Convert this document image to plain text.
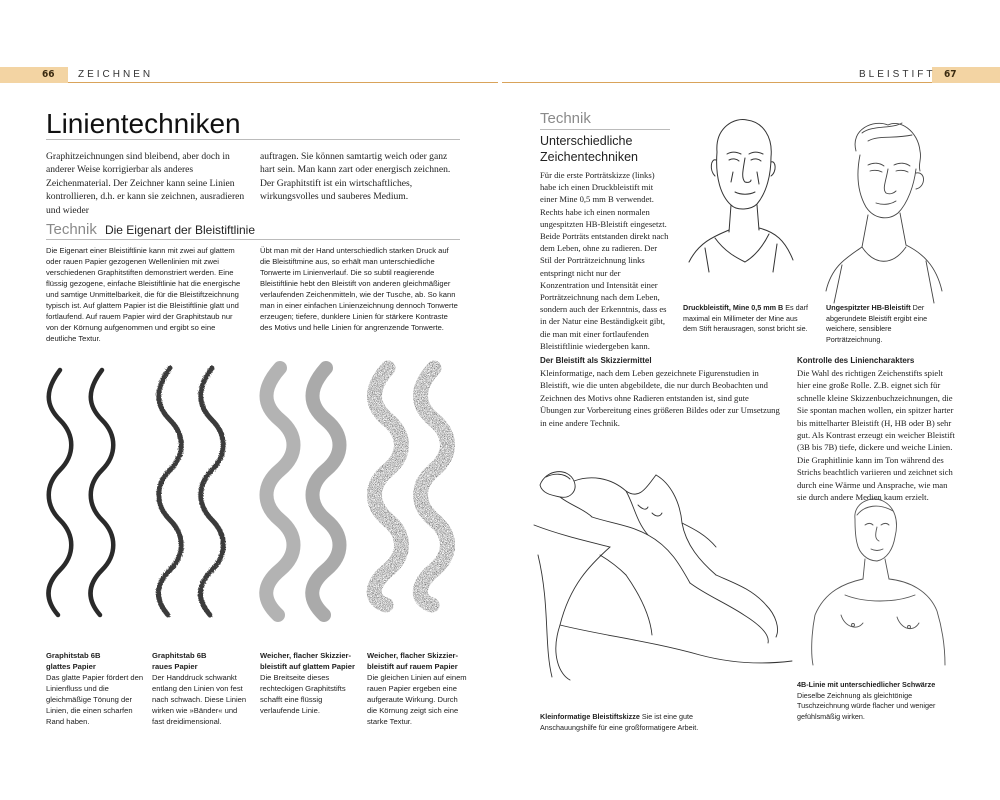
66 ZEICHNEN	67
BLEISTIFT
Linientechniken

Graphitzeichnungen sind bleibend, aber doch in anderer Weise korrigierbar als anderes Zeichenmaterial. Der Zeichner kann seine Linien kontrollieren, d.h. er kann sie zeichnen, ausradieren und wieder

auftragen. Sie können samtartig weich oder ganz hart sein. Man kann zart oder energisch zeichnen. Der Graphitstift ist ein wirtschaftliches, wirkungsvolles und sauberes Medium.

Technik Die Eigenart der Bleistiftlinie

Die Eigenart einer Bleistiftlinie kann mit zwei auf glattem oder rauen Papier gezogenen Wellenlinien mit zwei verschiedenen Graphitstiften demonstriert werden. Eine flüssig gezogene, einfache Bleistiftlinie hat die energische und samtige Unmittelbarkeit, die für die Bleistiftzeichnung typisch ist. Auf glattem Papier ist die Bleistiftlinie glatt und fortlaufend. Auf rauem Papier wird der Graphitstaub nur von der Körnung aufgenommen und ergibt so eine deutliche Textur.

Übt man mit der Hand unterschiedlich starken Druck auf die Bleistiftmine aus, so erhält man unterschiedliche Tonwerte im Linienverlauf. Die so subtil reagierende Bleistiftlinie hebt den Bleistift von anderen gleichmäßiger verlaufenden Zeichenmitteln, wie der Tusche, ab. So kann man in einer einfachen Linienzeichnung dennoch Tonwerte erzeugen; tiefere, dunklere Linien für stärkere Kontraste des Motivs und helle Linien für angrenzende Tonwerte.

Graphitstab 6B
glattes Papier
Das glatte Papier fördert den Linienfluss und die gleichmäßige Tönung der Linien, die einen scharfen Rand haben.
Graphitstab 6B
raues Papier
Der Handdruck schwankt entlang den Linien von fest nach schwach. Diese Linien wirken wie »Bänder« und fast dreidimensional.
Weicher, flacher Skizzier-
bleistift auf glattem Papier
Die Breitseite dieses rechteckigen Graphitstifts schafft eine flüssig verlaufende Linie.
Weicher, flacher Skizzier-
bleistift auf rauem Papier
Die gleichen Linien auf einem rauen Papier ergeben eine aufgeraute Wirkung. Durch die Körnung zeigt sich eine starke Textur.
Technik
Unterschiedliche
Zeichentechniken

Für die erste Porträtskizze (links) habe ich einen Druckbleistift mit einer Mine 0,5 mm B verwendet. Rechts habe ich einen normalen ungespitzten HB-Bleistift eingesetzt. Beide Porträts entstanden direkt nach dem Leben, ohne zu radieren. Der Stil der Porträtzeichnung links entspringt nicht nur der Konzentration und Intensität einer Porträtzeichnung nach dem Leben, sondern auch der Erkenntnis, dass es in der Natur eine Beständigkeit gibt, die man mit einer fortlaufenden Bleistiftlinie wiedergeben kann.

Druckbleistift, Mine 0,5 mm B Es darf maximal ein Millimeter der Mine aus dem Stift herausragen, sonst bricht sie.
Ungespitzter HB-Bleistift Der abgerundete Bleistift ergibt eine weichere, sensiblere Porträtzeichnung.
Der Bleistift als Skizziermittel

Kleinformatige, nach dem Leben gezeichnete Figurenstudien in Bleistift, wie die unten abgebildete, die nur durch Beobachten und Zeichnen des Motivs ohne Radieren entstanden ist, sind gute Übungen zur Vorbereitung eines größeren Bildes oder zur Umsetzung in eine andere Technik.

Kontrolle des Liniencharakters

Die Wahl des richtigen Zeichenstifts spielt hier eine große Rolle. Z.B. eignet sich für schnelle kleine Skizzenbuchzeichnungen, die Sie spontan machen wollen, ein spitzer harter bis mittelharter Bleistift (H, HB oder B) sehr gut. Als Kontrast erzeugt ein weicher Bleistift (3B bis 7B) tiefe, dickere und weiche Linien. Die Graphitlinie kann im Ton während des Strichs beachtlich variieren und zeichnet sich durch eine Wärme und Ansprache, wie man sie durch andere Medien kaum erzielt.

Kleinformatige Bleistiftskizze Sie ist eine gute Anschauungshilfe für eine großformatigere Arbeit.
4B-Linie mit unterschiedlicher Schwärze Dieselbe Zeichnung als gleichtönige Tuschzeichnung würde flacher und weniger gefühlsmäßig wirken.
